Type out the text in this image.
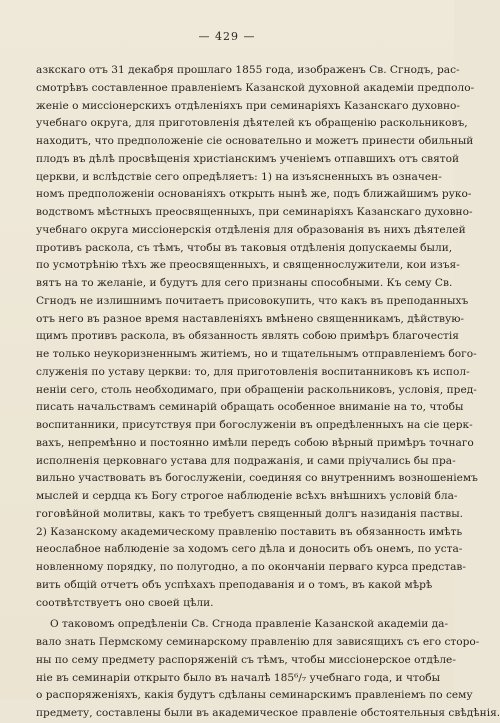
— 429 —
азкскаго отъ 31 декабря прошлаго 1855 года, изображенъ Св. Сгнодъ, рас-
смотрѣвъ составленное правленіемъ Казанской духовной академіи предполо-
женіе о миссіонерскихъ отдѣленіяхъ при семинаріяхъ Казанскаго духовно-
учебнаго округа, для приготовленія дѣятелей къ обращенію раскольниковъ,
находитъ, что предположеніе сіе основательно и можетъ принести обильный
плодъ въ дѣлѣ просвѣщенія христіанскимъ ученіемъ отпавшихъ отъ святой
церкви, и вслѣдствіе сего опредѣляетъ: 1) на изъясненныхъ въ означен-
номъ предположеніи основаніяхъ открыть нынѣ же, подъ ближайшимъ руко-
водствомъ мѣстныхъ преосвященныхъ, при семинаріяхъ Казанскаго духовно-
учебнаго округа миссіонерскія отдѣленія для образованія въ нихъ дѣятелей
противъ раскола, съ тѣмъ, чтобы въ таковыя отдѣленія допускаемы были,
по усмотрѣнію тѣхъ же преосвященныхъ, и священнослужители, кои изъя-
вятъ на то желаніе, и будутъ для сего признаны способными. Къ сему Св.
Сгнодъ не излишнимъ почитаетъ присовокупить, что какъ въ преподанныхъ
отъ него въ разное время наставленіяхъ вмѣнено священникамъ, дѣйствую-
щимъ противъ раскола, въ обязанность являть собою примѣръ благочестія
не только неукоризненнымъ житіемъ, но и тщательнымъ отправленіемъ бого-
служенія по уставу церкви: то, для приготовленія воспитанниковъ къ испол-
неніи сего, столь необходимаго, при обращеніи раскольниковъ, условія, пред-
писать начальствамъ семинарій обращать особенное вниманіе на то, чтобы
воспитанники, присутствуя при богослуженіи въ опредѣленныхъ на сіе церк-
вахъ, непремѣнно и постоянно имѣли передъ собою вѣрный примѣръ точнаго
исполненія церковнаго устава для подражанія, и сами пріучались бы пра-
вильно участвовать въ богослуженіи, соединяя со внутреннимъ возношеніемъ
мыслей и сердца къ Богу строгое наблюденіе всѣхъ внѣшнихъ условій бла-
гоговѣйной молитвы, какъ то требуетъ священный долгъ назиданія паствы.
2) Казанскому академическому правленію поставить въ обязанность имѣть
неослабное наблюденіе за ходомъ сего дѣла и доносить объ онемъ, по уста-
новленному порядку, по полугодно, а по окончаніи перваго курса представ-
вить общій отчетъ объ успѣхахъ преподаванія и о томъ, въ какой мѣрѣ
соотвѣтствуетъ оно своей цѣли.
О таковомъ опредѣленіи Св. Сгнода правленіе Казанской академіи да-
вало знать Пермскому семинарскому правленію для зависящихъ съ его сторо-
ны по сему предмету распоряженій съ тѣмъ, чтобы миссіонерское отдѣле-
ніе въ семинаріи открыто было въ началѣ 185⁶/₇ учебнаго года, и чтобы
о распоряженіяхъ, какія будутъ сдѣланы семинарскимъ правленіемъ по сему
предмету, составлены были въ академическое правленіе обстоятельныя свѣдѣнія.
